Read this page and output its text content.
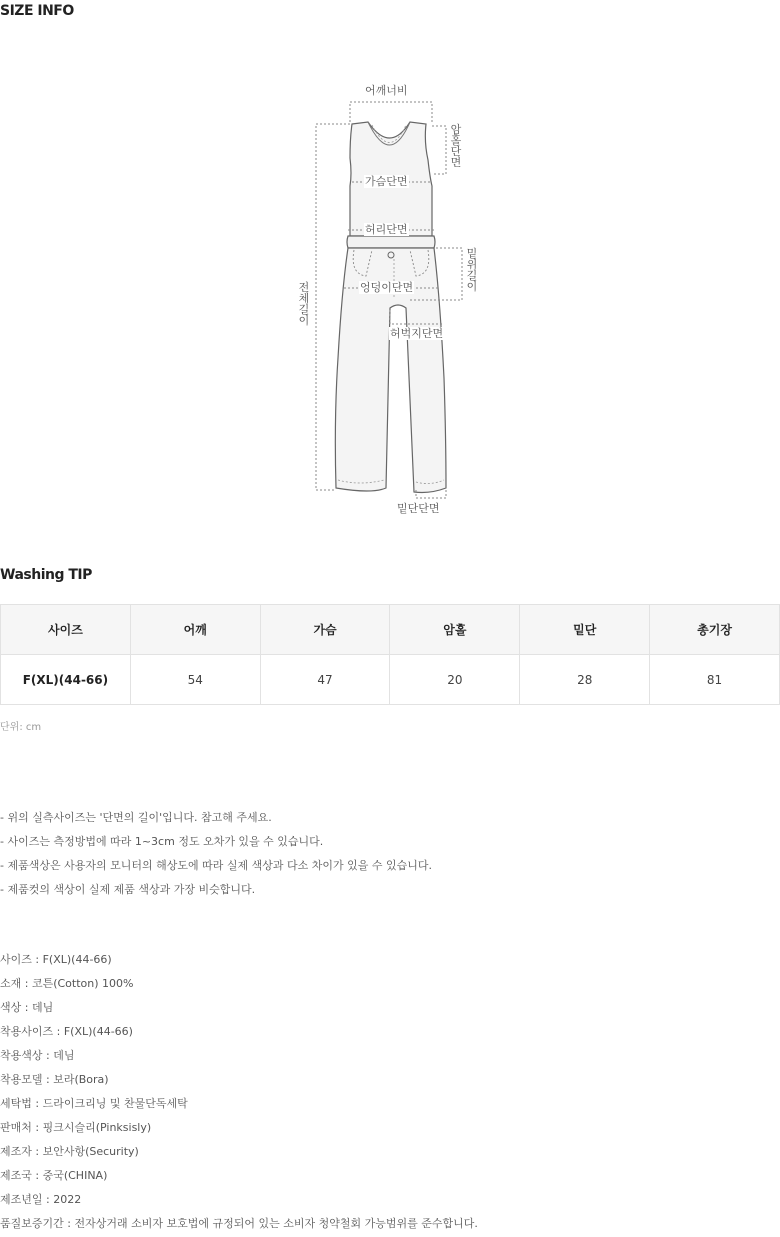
SIZE INFO
어깨너비
암홀단면
가슴단면
허리단면
밑위길이
엉덩이단면
허벅지단면
밑단단면
전체길이
Washing TIP
사이즈	어깨	가슴	암홀	밑단	총기장
F(XL)(44-66)	54	47	20	28	81
단위: cm
- 위의 실측사이즈는 '단면의 길이'입니다. 참고해 주세요.
- 사이즈는 측정방법에 따라 1~3cm 정도 오차가 있을 수 있습니다.
- 제품색상은 사용자의 모니터의 해상도에 따라 실제 색상과 다소 차이가 있을 수 있습니다.
- 제품컷의 색상이 실제 제품 색상과 가장 비슷합니다.
사이즈 : F(XL)(44-66)
소재 : 코튼(Cotton) 100%
색상 : 데님
착용사이즈 : F(XL)(44-66)
착용색상 : 데님
착용모델 : 보라(Bora)
세탁법 : 드라이크리닝 및 찬물단독세탁
판매처 : 핑크시슬리(Pinksisly)
제조자 : 보안사항(Security)
제조국 : 중국(CHINA)
제조년일 : 2022
품질보증기간 : 전자상거래 소비자 보호법에 규정되어 있는 소비자 청약철회 가능범위를 준수합니다.
